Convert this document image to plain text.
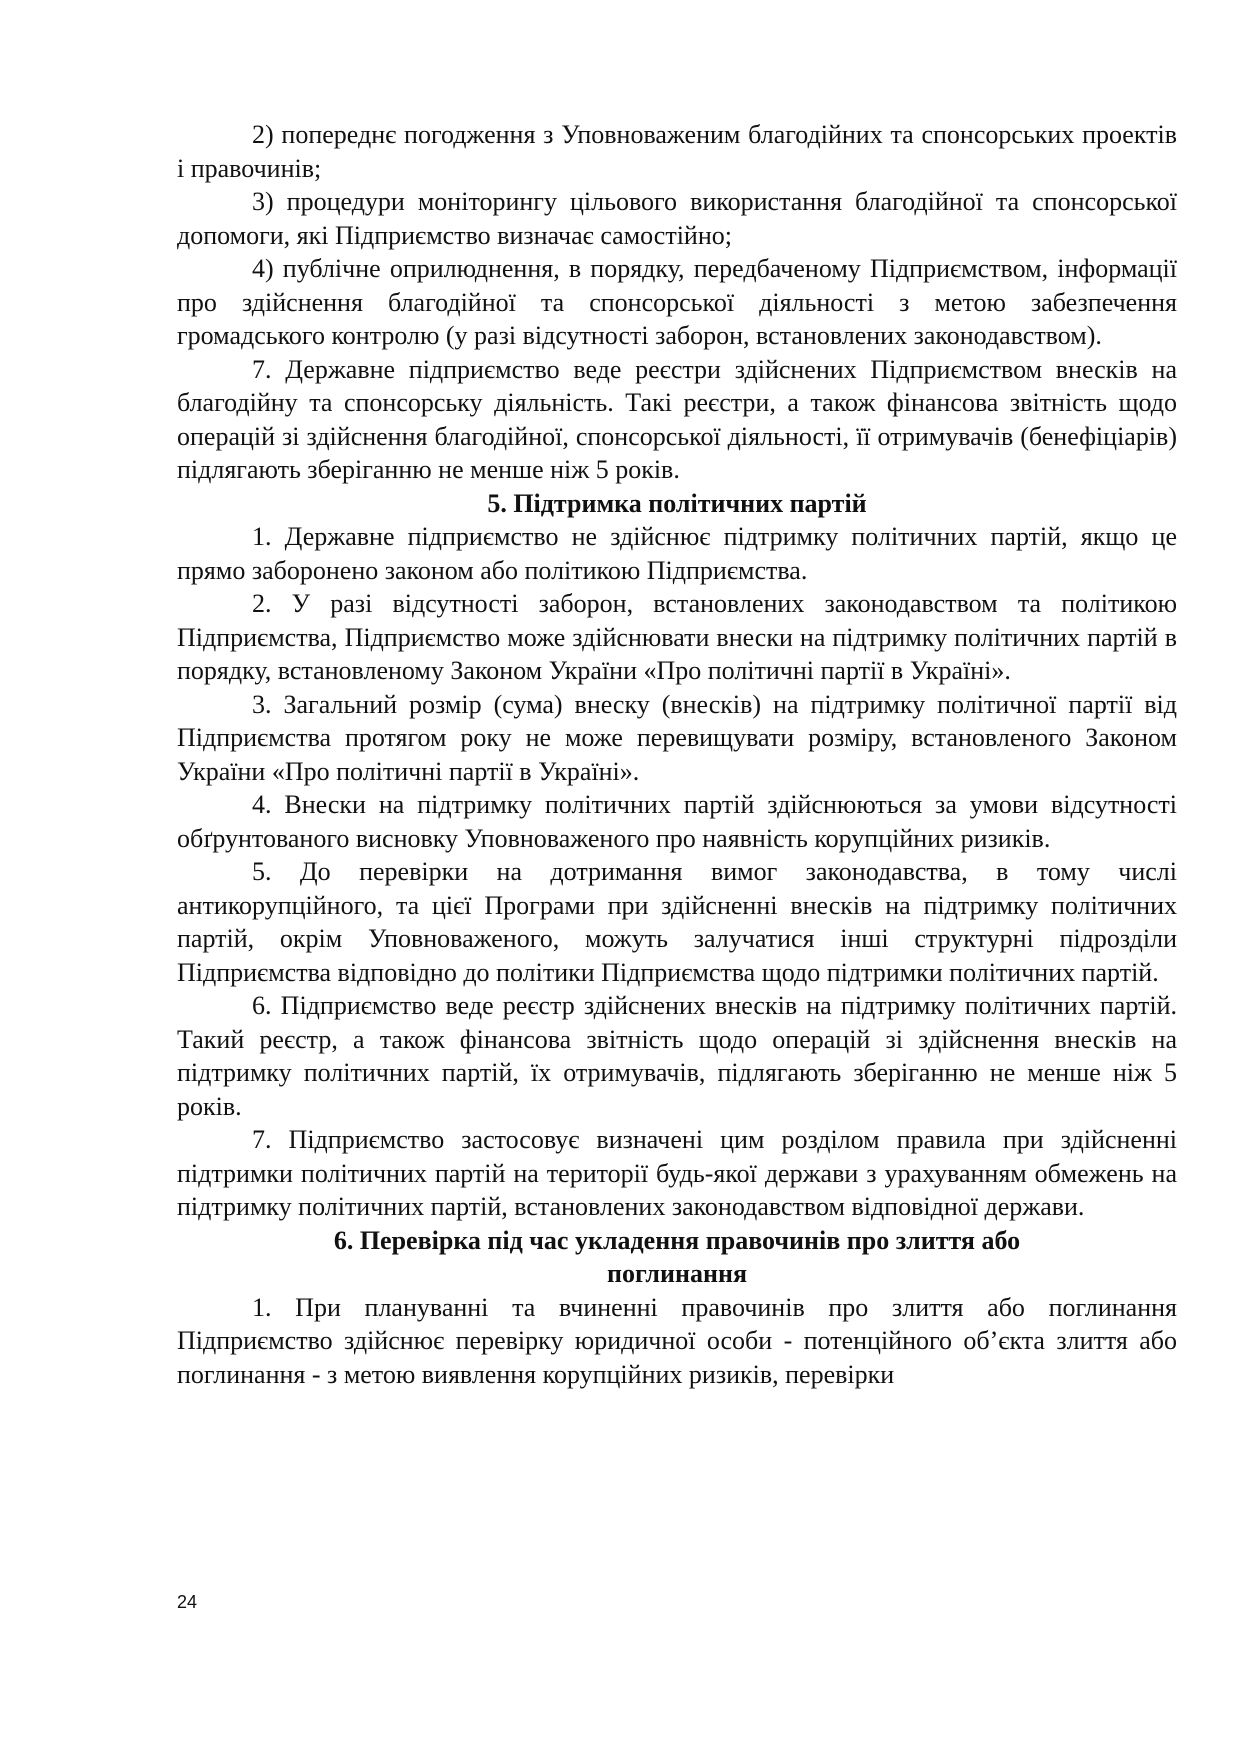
2) попереднє погодження з Уповноваженим благодійних та спонсорських проектів і правочинів;

3) процедури моніторингу цільового використання благодійної та спонсорської допомоги, які Підприємство визначає самостійно;

4) публічне оприлюднення, в порядку, передбаченому Підприємством, інформації про здійснення благодійної та спонсорської діяльності з метою забезпечення громадського контролю (у разі відсутності заборон, встановлених законодавством).

7. Державне підприємство веде реєстри здійснених Підприємством внесків на благодійну та спонсорську діяльність. Такі реєстри, а також фінансова звітність щодо операцій зі здійснення благодійної, спонсорської діяльності, її отримувачів (бенефіціарів) підлягають зберіганню не менше ніж 5 років.

5. Підтримка політичних партій

1. Державне підприємство не здійснює підтримку політичних партій, якщо це прямо заборонено законом або політикою Підприємства.

2. У разі відсутності заборон, встановлених законодавством та політикою Підприємства, Підприємство може здійснювати внески на підтримку політичних партій в порядку, встановленому Законом України «Про політичні партії в Україні».

3. Загальний розмір (сума) внеску (внесків) на підтримку політичної партії від Підприємства протягом року не може перевищувати розміру, встановленого Законом України «Про політичні партії в Україні».

4. Внески на підтримку політичних партій здійснюються за умови відсутності обґрунтованого висновку Уповноваженого про наявність корупційних ризиків.

5. До перевірки на дотримання вимог законодавства, в тому числі антикорупційного, та цієї Програми при здійсненні внесків на підтримку політичних партій, окрім Уповноваженого, можуть залучатися інші структурні підрозділи Підприємства відповідно до політики Підприємства щодо підтримки політичних партій.

6. Підприємство веде реєстр здійснених внесків на підтримку політичних партій. Такий реєстр, а також фінансова звітність щодо операцій зі здійснення внесків на підтримку політичних партій, їх отримувачів, підлягають зберіганню не менше ніж 5 років.

7. Підприємство застосовує визначені цим розділом правила при здійсненні підтримки політичних партій на території будь-якої держави з урахуванням обмежень на підтримку політичних партій, встановлених законодавством відповідної держави.

6. Перевірка під час укладення правочинів про злиття або поглинання

1. При плануванні та вчиненні правочинів про злиття або поглинання Підприємство здійснює перевірку юридичної особи - потенційного об’єкта злиття або поглинання - з метою виявлення корупційних ризиків, перевірки

24
